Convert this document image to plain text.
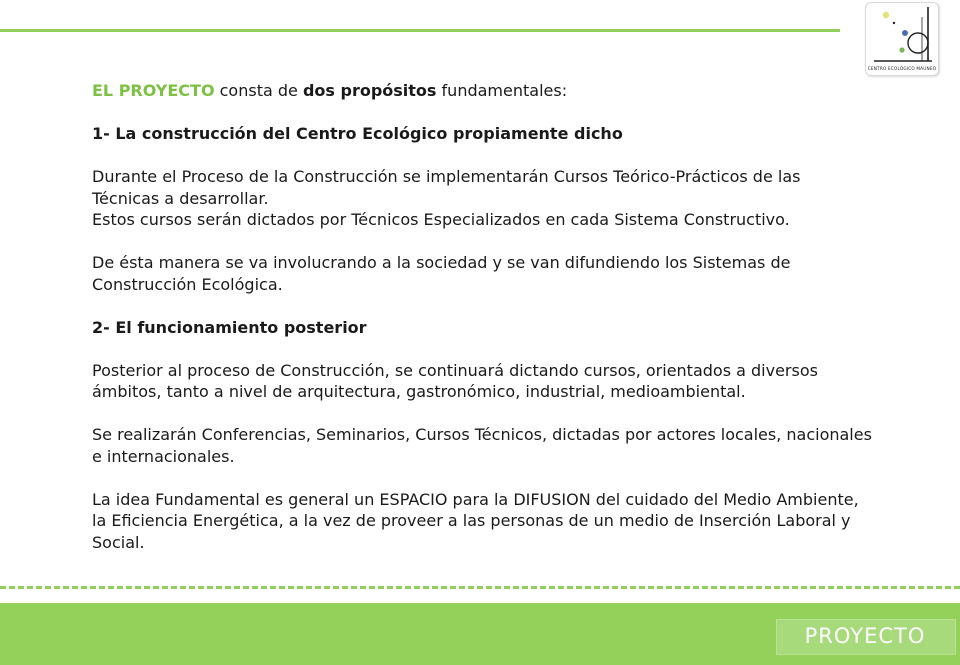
CENTRO ECOLÓGICO MAUNEO

EL PROYECTO consta de dos propósitos fundamentales:

1- La construcción del Centro Ecológico propiamente dicho

Durante el Proceso de la Construcción se implementarán Cursos Teórico-Prácticos de las Técnicas a desarrollar.

Estos cursos serán dictados por Técnicos Especializados en cada Sistema Constructivo.

De ésta manera se va involucrando a la sociedad y se van difundiendo los Sistemas de Construcción Ecológica.

2- El funcionamiento posterior

Posterior al proceso de Construcción, se continuará dictando cursos, orientados a diversos ámbitos, tanto a nivel de arquitectura, gastronómico, industrial, medioambiental.

Se realizarán Conferencias, Seminarios, Cursos Técnicos, dictadas por actores locales, nacionales e internacionales.

La idea Fundamental es general un ESPACIO para la DIFUSION del cuidado del Medio Ambiente, la Eficiencia Energética, a la vez de proveer a las personas de un medio de Inserción Laboral y Social.

PROYECTO
